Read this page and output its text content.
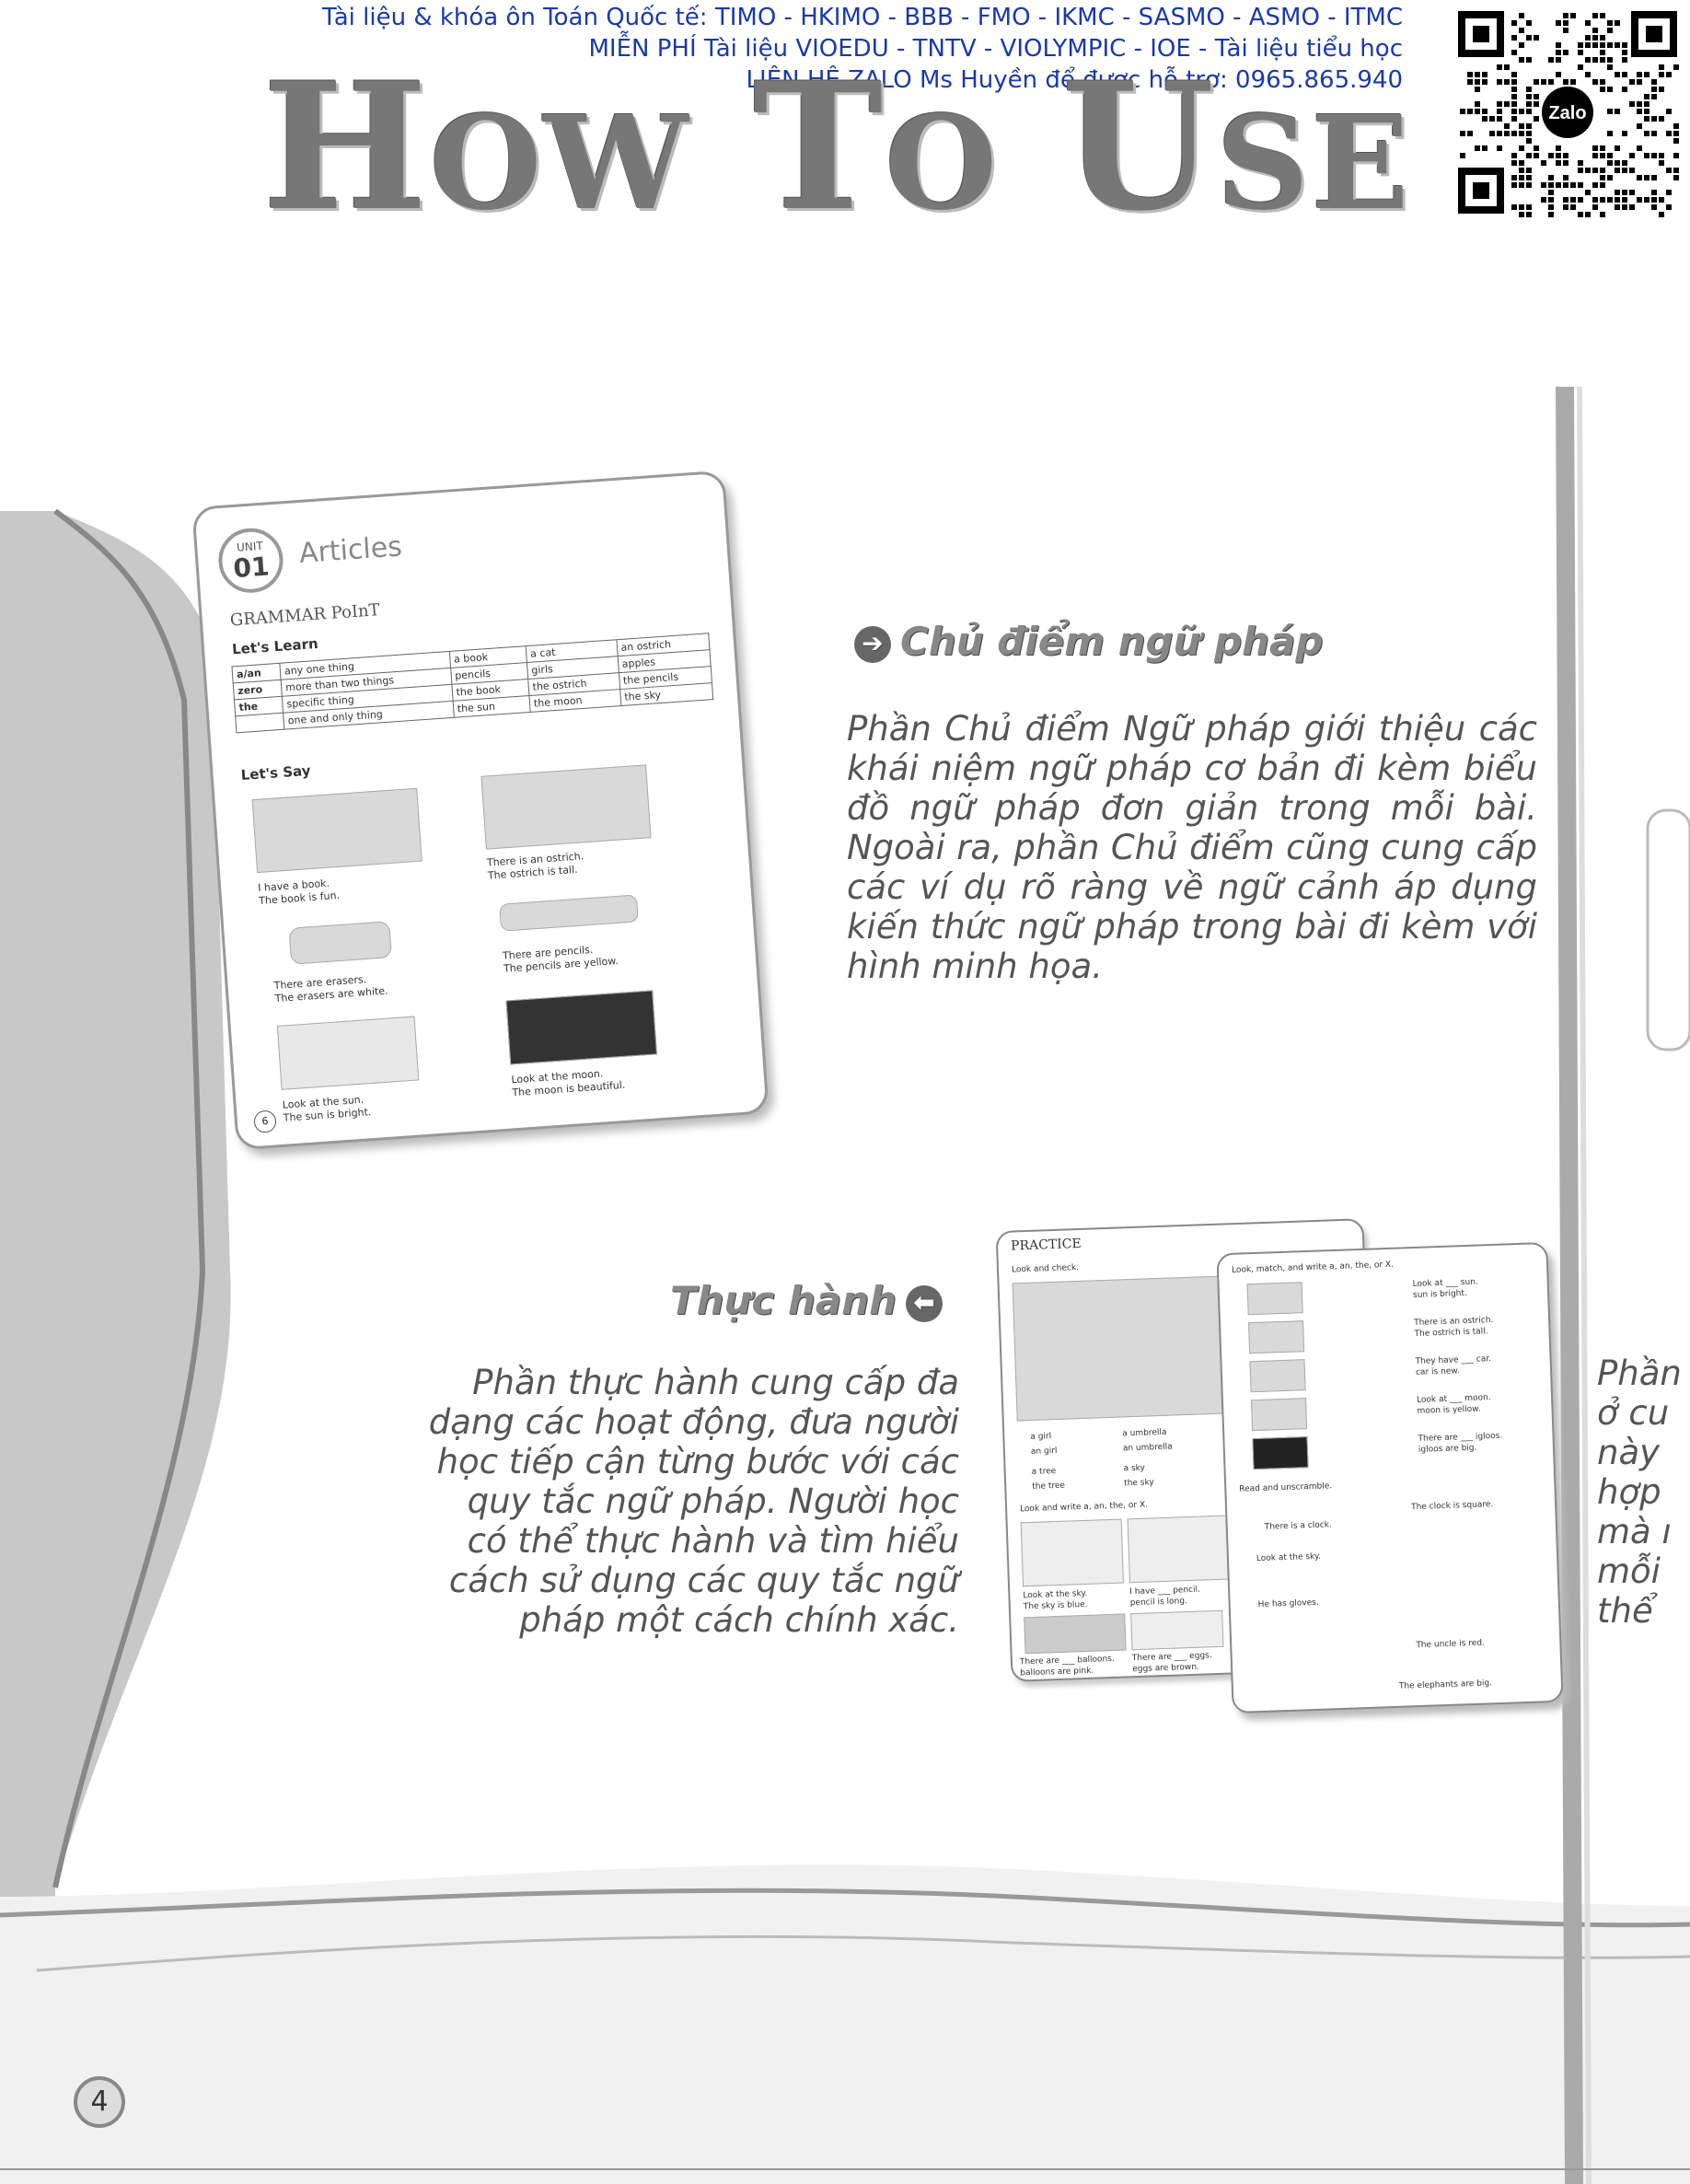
Tài liệu & khóa ôn Toán Quốc tế: TIMO - HKIMO - BBB - FMO - IKMC - SASMO - ASMO - ITMC
MIỄN PHÍ Tài liệu VIOEDU - TNTV - VIOLYMPIC - IOE - Tài liệu tiểu học
LIÊN HỆ ZALO Ms Huyền để được hỗ trợ: 0965.865.940
Zalo
HOW TO USE
UNIT
01	Articles
GRAMMAR PoInT
Let's Learn
a/an	any one thing	a book	a cat	an ostrich
zero	more than two things	pencils	girls	apples
the	specific thing	the book	the ostrich	the pencils
	one and only thing	the sun	the moon	the sky
Let's Say
I have a book.
The book is fun.
There is an ostrich.
The ostrich is tall.
There are erasers.
The erasers are white.
There are pencils.
The pencils are yellow.
Look at the sun.
The sun is bright.
Look at the moon.
The moon is beautiful.
6
➔ Chủ điểm ngữ pháp
Phần Chủ điểm Ngữ pháp giới thiệu các khái niệm ngữ pháp cơ bản đi kèm biểu đồ ngữ pháp đơn giản trong mỗi bài. Ngoài ra, phần Chủ điểm cũng cung cấp các ví dụ rõ ràng về ngữ cảnh áp dụng kiến thức ngữ pháp trong bài đi kèm với hình minh họa.
Thực hành ⬅
Phần thực hành cung cấp đa dạng các hoạt động, đưa người học tiếp cận từng bước với các quy tắc ngữ pháp. Người học có thể thực hành và tìm hiểu cách sử dụng các quy tắc ngữ pháp một cách chính xác.
PRACTICE
Look and check.
a girl
an girl
a tree
the tree
a umbrella
an umbrella
a sky
the sky
Look and write a, an, the, or X.
Look at the sky.
The sky is blue.
I have ___ pencil.
pencil is long.
There are ___ balloons.
balloons are pink.
There are ___ eggs.
eggs are brown.
Look, match, and write a, an, the, or X.
Look at ___ sun.
sun is bright.
There is an ostrich.
The ostrich is tall.
They have ___ car.
car is new.
Look at ___ moon.
moon is yellow.
There are ___ igloos.
igloos are big.
Read and unscramble.
The clock is square.
There is a clock.
Look at the sky.
He has gloves.
The uncle is red.
The elephants are big.
Phần
ở cu
này
hợp
mà ı
mỗi
thể
4
